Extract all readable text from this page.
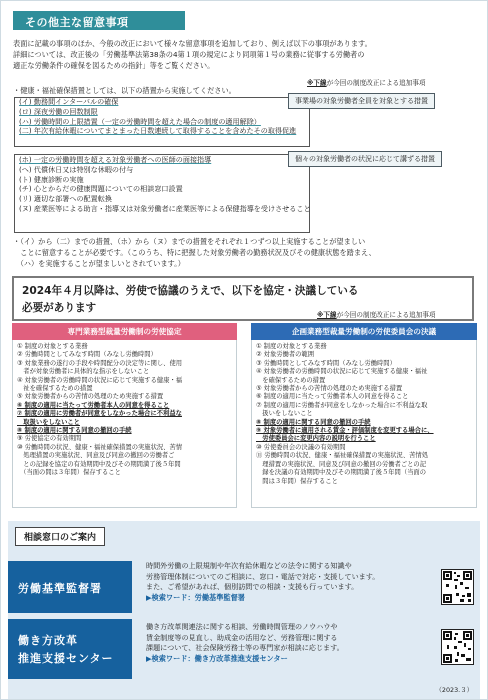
その他主な留意事項
表面に記載の事項のほか、今般の改正において様々な留意事項を追加しており、例えば以下の事項があります。
詳細については、改正後の「労働基準法第38条の4第１項の規定により同項第１号の業務に従事する労働者の
適正な労働条件の確保を図るための指針」等をご覧ください。
※下線が今回の制度改正による追加事項
・健康・福祉確保措置としては、以下の措置から実施してください。
(イ) 勤務間インターバルの確保
(ロ) 深夜労働の回数制限
(ハ) 労働時間の上限措置（一定の労働時間を超えた場合の制度の適用解除）
(二) 年次有給休暇についてまとまった日数連続して取得することを含めたその取得促進
事業場の対象労働者全員を対象とする措置
(ホ) 一定の労働時間を超える対象労働者への医師の面接指導
(へ) 代償休日又は特別な休暇の付与
(ト) 健康診断の実施
(チ) 心とからだの健康問題についての相談窓口設置
(リ) 適切な部署への配置転換
(ヌ) 産業医等による助言・指導又は対象労働者に産業医等による保健指導を受けさせること
個々の対象労働者の状況に応じて講ずる措置
・（イ）から（二）までの措置、（ホ）から（ヌ）までの措置をそれぞれ１つずつ以上実施することが望ましい
　ことに留意することが必要です。（このうち、特に把握した対象労働者の勤務状況及びその健康状態を踏まえ、
　（ハ）を実施することが望ましいとされています。）
2024年４月以降は、労使で協議のうえで、以下を協定・決議している
必要があります
※下線が今回の制度改正による追加事項
専門業務型裁量労働制の労使協定
① 制度の対象とする業務
② 労働時間としてみなす時間（みなし労働時間）
③ 対象業務の遂行の手段や時間配分の決定等に関し、使用
　者が対象労働者に具体的な指示をしないこと
④ 対象労働者の労働時間の状況に応じて実施する健康・福
　祉を確保するための措置
⑤ 対象労働者からの苦情の処理のため実施する措置
⑥ 制度の適用に当たって労働者本人の同意を得ること
⑦ 制度の適用に労働者が同意をしなかった場合に不利益な
　取扱いをしないこと
⑧ 制度の適用に関する同意の撤回の手続
⑨ 労使協定の有効期間
⑩ 労働時間の状況、健康・福祉確保措置の実施状況、苦情
　処理措置の実施状況、同意及び同意の撤回の労働者ご
　との記録を協定の有効期間中及びその期間満了後５年間
　（当面の間は３年間）保存すること
企画業務型裁量労働制の労使委員会の決議
① 制度の対象とする業務
② 対象労働者の範囲
③ 労働時間としてみなす時間（みなし労働時間）
④ 対象労働者の労働時間の状況に応じて実施する健康・福祉
　を確保するための措置
⑤ 対象労働者からの苦情の処理のため実施する措置
⑥ 制度の適用に当たって労働者本人の同意を得ること
⑦ 制度の適用に労働者が同意をしなかった場合に不利益な取
　扱いをしないこと
⑧ 制度の適用に関する同意の撤回の手続
⑨ 対象労働者に適用される賃金・評価制度を変更する場合に、
　労使委員会に変更内容の説明を行うこと
⑩ 労使委員会の決議の有効期間
⑪ 労働時間の状況、健康・福祉確保措置の実施状況、苦情処
　理措置の実施状況、同意及び同意の撤回の労働者ごとの記
　録を決議の有効期間中及びその期間満了後５年間（当面の
　間は３年間）保存すること
相談窓口のご案内
労働基準監督署
時間外労働の上限規制や年次有給休暇などの法令に関する知識や
労務管理体制についてのご相談に、窓口・電話で対応・支援しています。
また、ご希望があれば、個別訪問での相談・支援も行っています。
▶検索ワード：労働基準監督署
働き方改革
推進支援センター
働き方改革関連法に関する相談、労働時間管理のノウハウや
賃金制度等の見直し、助成金の活用など、労務管理に関する
課題について、社会保険労務士等の専門家が相談に応じます。
▶検索ワード：働き方改革推進支援センター
（2023.３）
